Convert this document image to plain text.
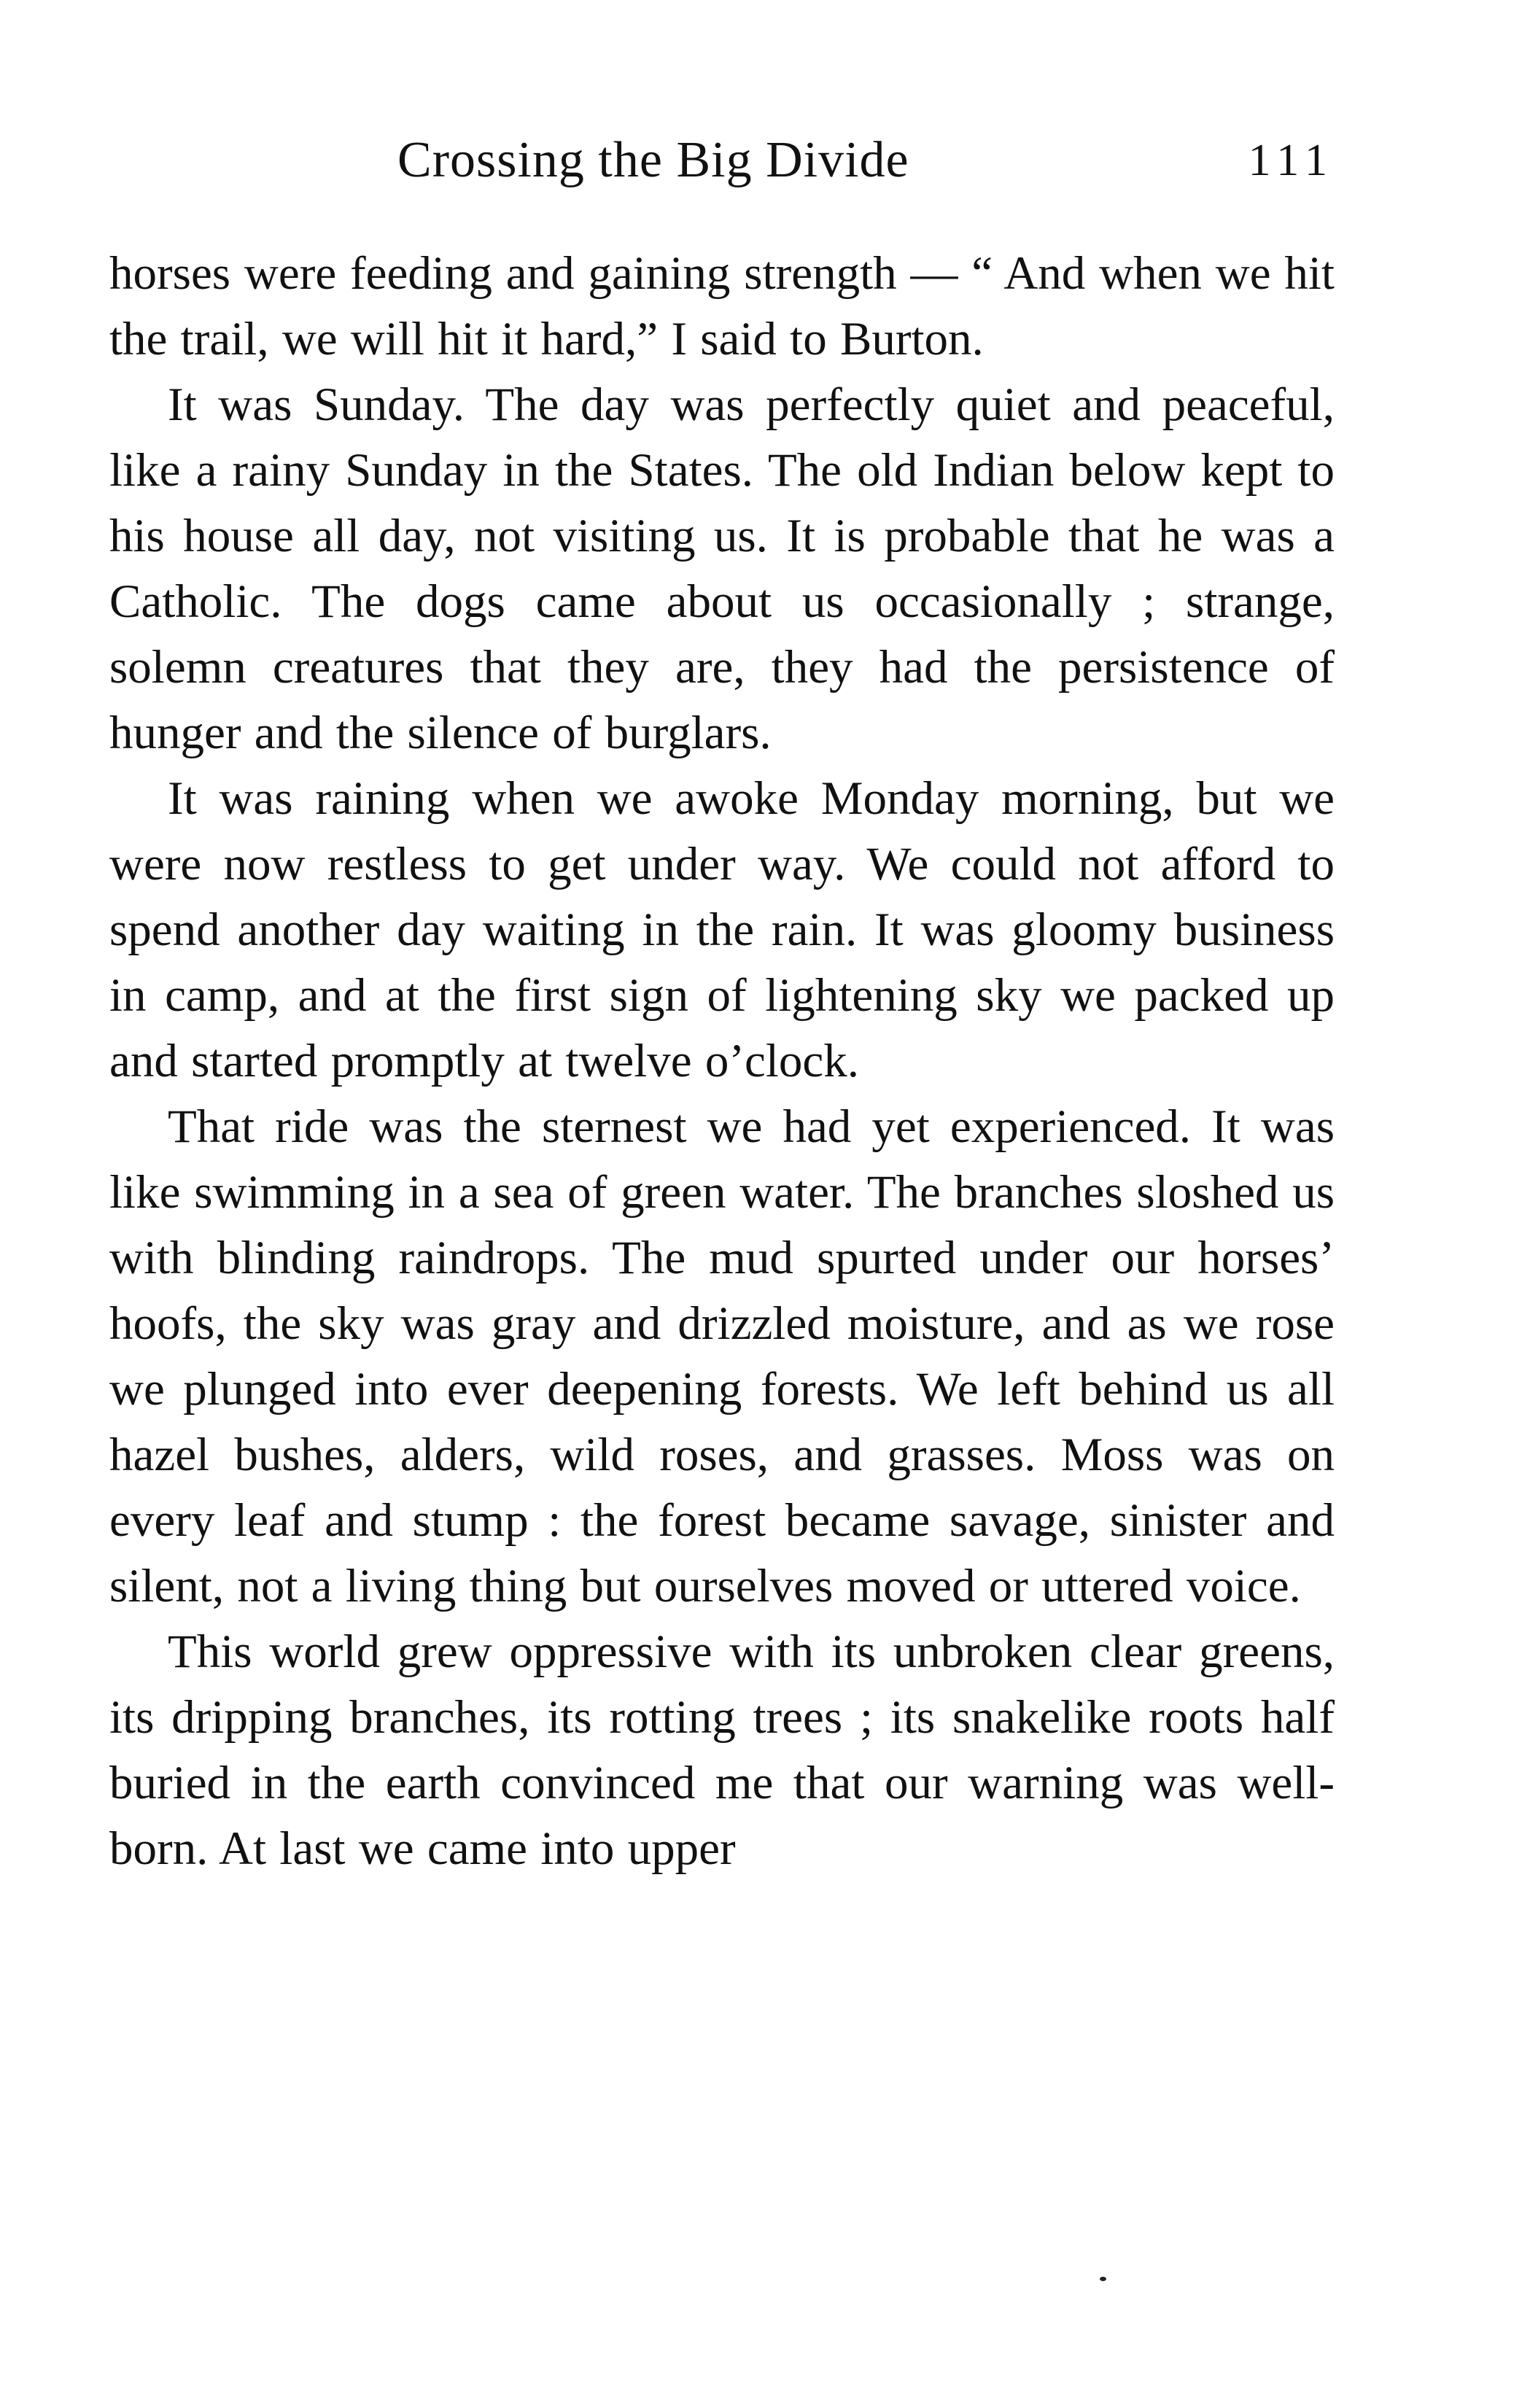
Crossing the Big Divide	111

horses were feeding and gaining strength — “ And when we hit the trail, we will hit it hard,” I said to Burton.

It was Sunday. The day was perfectly quiet and peaceful, like a rainy Sunday in the States. The old Indian below kept to his house all day, not visiting us. It is probable that he was a Catholic. The dogs came about us occasionally ; strange, solemn creatures that they are, they had the persistence of hunger and the silence of burglars.

It was raining when we awoke Monday morning, but we were now restless to get under way. We could not afford to spend another day waiting in the rain. It was gloomy business in camp, and at the first sign of lightening sky we packed up and started promptly at twelve o’clock.

That ride was the sternest we had yet experienced. It was like swimming in a sea of green water. The branches sloshed us with blinding raindrops. The mud spurted under our horses’ hoofs, the sky was gray and drizzled moisture, and as we rose we plunged into ever deepening forests. We left behind us all hazel bushes, alders, wild roses, and grasses. Moss was on every leaf and stump : the forest became savage, sinister and silent, not a living thing but ourselves moved or uttered voice.

This world grew oppressive with its unbroken clear greens, its dripping branches, its rotting trees ; its snakelike roots half buried in the earth convinced me that our warning was well-born. At last we came into upper
